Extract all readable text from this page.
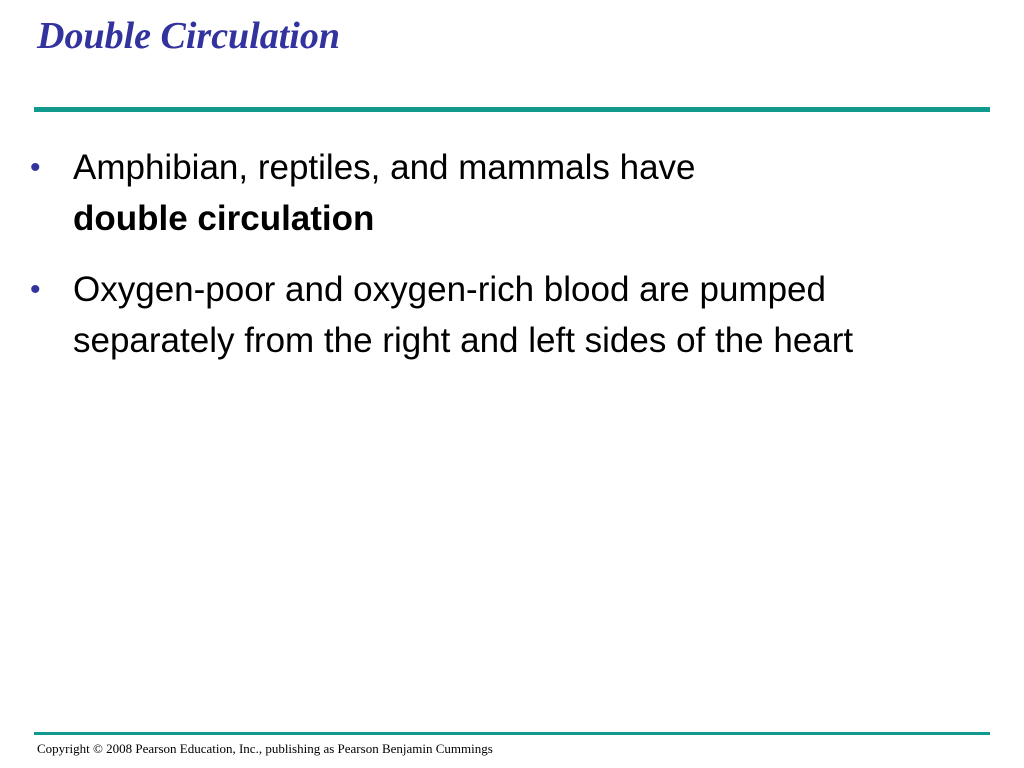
Double Circulation
• Amphibian, reptiles, and mammals have
double circulation
• Oxygen-poor and oxygen-rich blood are pumped separately from the right and left sides of the heart

Copyright © 2008 Pearson Education, Inc., publishing as Pearson Benjamin Cummings
